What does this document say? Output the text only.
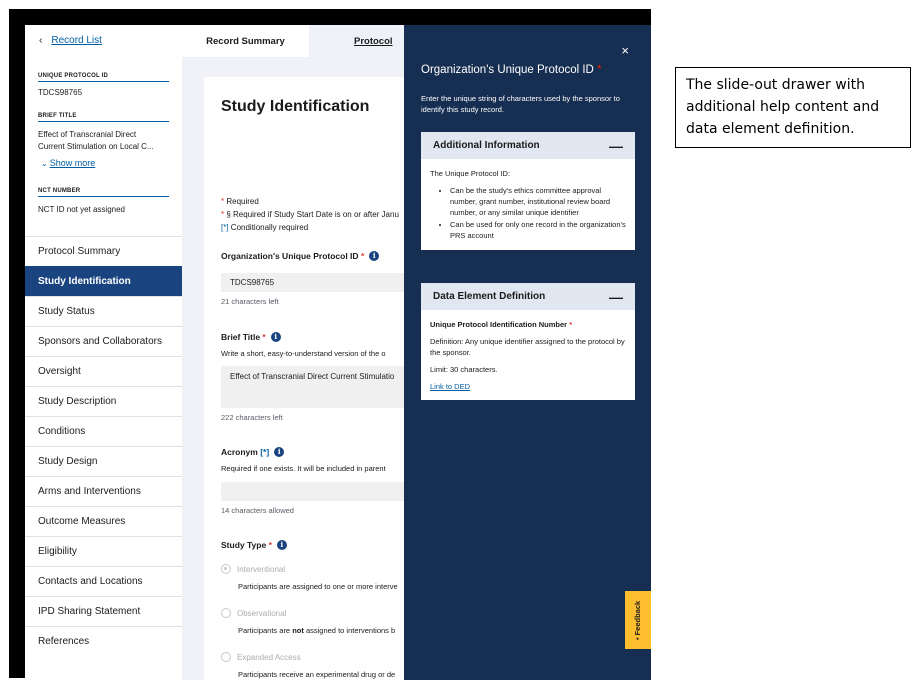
‹ Record List
UNIQUE PROTOCOL ID
TDCS98765
BRIEF TITLE
Effect of Transcranial Direct
Current Stimulation on Local C...
⌄ Show more
NCT NUMBER
NCT ID not yet assigned
Protocol Summary
Study Identification
Study Status
Sponsors and Collaborators
Oversight
Study Description
Conditions
Study Design
Arms and Interventions
Outcome Measures
Eligibility
Contacts and Locations
IPD Sharing Statement
References
Record Summary	Protocol
Study Identification
* Required
* § Required if Study Start Date is on or after Janu
[*] Conditionally required
Organization's Unique Protocol ID
*	i
TDCS98765
21 characters left
Brief Title
*	i
Write a short, easy-to-understand version of the o
Effect of Transcranial Direct Current Stimulatio
222 characters left
Acronym
[*]	i
Required if one exists. It will be included in parent
14 characters allowed
Study Type
*	i
Interventional
Participants are assigned to one or more interve
Observational
Participants are not assigned to interventions b
Expanded Access
Participants receive an experimental drug or de
×
Organization's Unique Protocol ID *
Enter the unique string of characters used by the sponsor to identify this study record.
Additional Information	—
The Unique Protocol ID:
• Can be the study's ethics committee approval number, grant number, institutional review board number, or any similar unique identifier
• Can be used for only one record in the organization's PRS account
Data Element Definition	—
Unique Protocol Identification Number *
Definition: Any unique identifier assigned to the protocol by the sponsor.
Limit: 30 characters.
Link to DED
▪ Feedback
The slide-out drawer with additional help content and data element definition.
